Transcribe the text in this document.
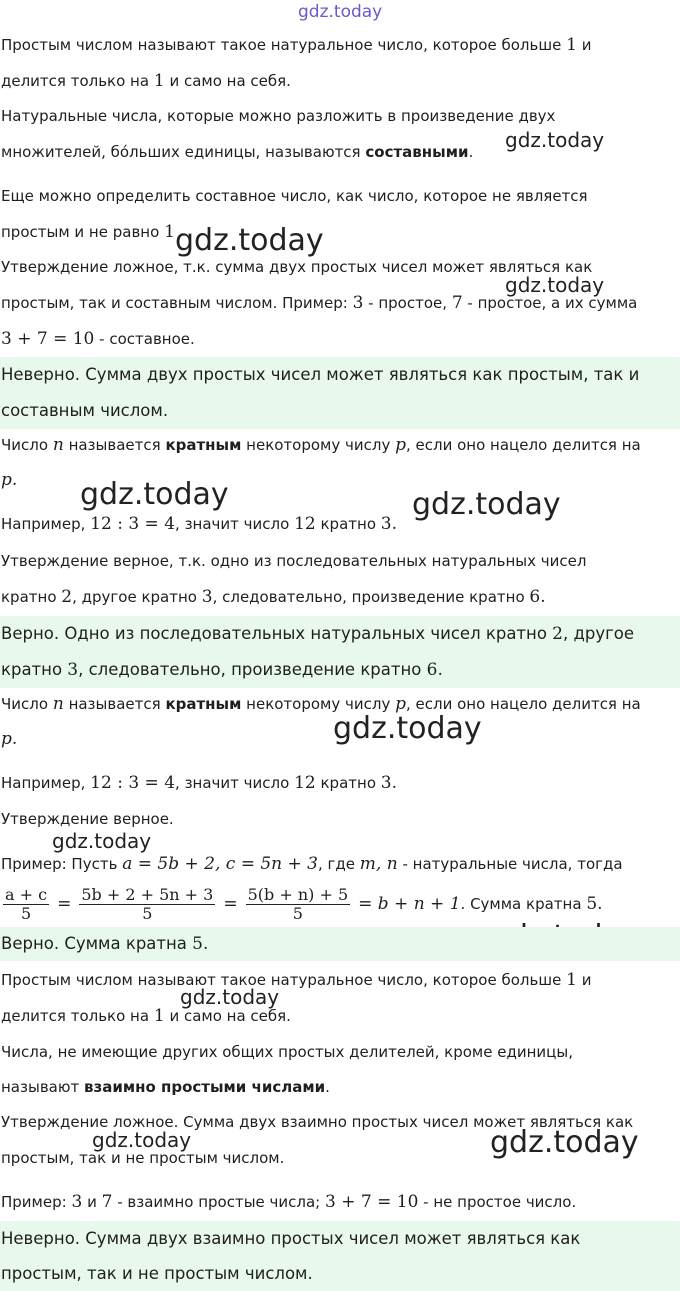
gdz.today
gdz.today
gdz.today
gdz.today
gdz.today	gdz.today
gdz.today
gdz.today
gdz.today
gdz.today	gdz.today
Простым числом называют такое натуральное число, которое больше 1 и
делится только на 1 и само на себя.
Натуральные числа, которые можно разложить в произведение двух
множителей, бо́льших единицы, называются составными.
Еще можно определить составное число, как число, которое не является
простым и не равно 1
Утверждение ложное, т.к. сумма двух простых чисел может являться как
простым, так и составным числом. Пример: 3 - простое, 7 - простое, а их сумма
3 + 7 = 10 - составное.
Неверно. Сумма двух простых чисел может являться как простым, так и
составным числом.
Число n называется кратным некоторому числу p, если оно нацело делится на
p.
Например, 12 : 3 = 4, значит число 12 кратно 3.
Утверждение верное, т.к. одно из последовательных натуральных чисел
кратно 2, другое кратно 3, следовательно, произведение кратно 6.
Верно. Одно из последовательных натуральных чисел кратно 2, другое
кратно 3, следовательно, произведение кратно 6.
Число n называется кратным некоторому числу p, если оно нацело делится на
p.
Например, 12 : 3 = 4, значит число 12 кратно 3.
Утверждение верное.
Пример: Пусть a = 5b + 2, c = 5n + 3, где m, n - натуральные числа, тогда
$\frac{a + c}{5} = \frac{5b + 2 + 5n + 3}{5} = \frac{5(b + n) + 5}{5} = b + n + 1$ . Сумма кратна
5.
Верно. Сумма кратна 5.
Простым числом называют такое натуральное число, которое больше 1 и
делится только на 1 и само на себя.
Числа, не имеющие других общих простых делителей, кроме единицы,
называют взаимно простыми числами.
Утверждение ложное. Сумма двух взаимно простых чисел может являться как
простым, так и не простым числом.
Пример: 3 и 7 - взаимно простые числа; 3 + 7 = 10 - не простое число.
Неверно. Сумма двух взаимно простых чисел может являться как
простым, так и не простым числом.
